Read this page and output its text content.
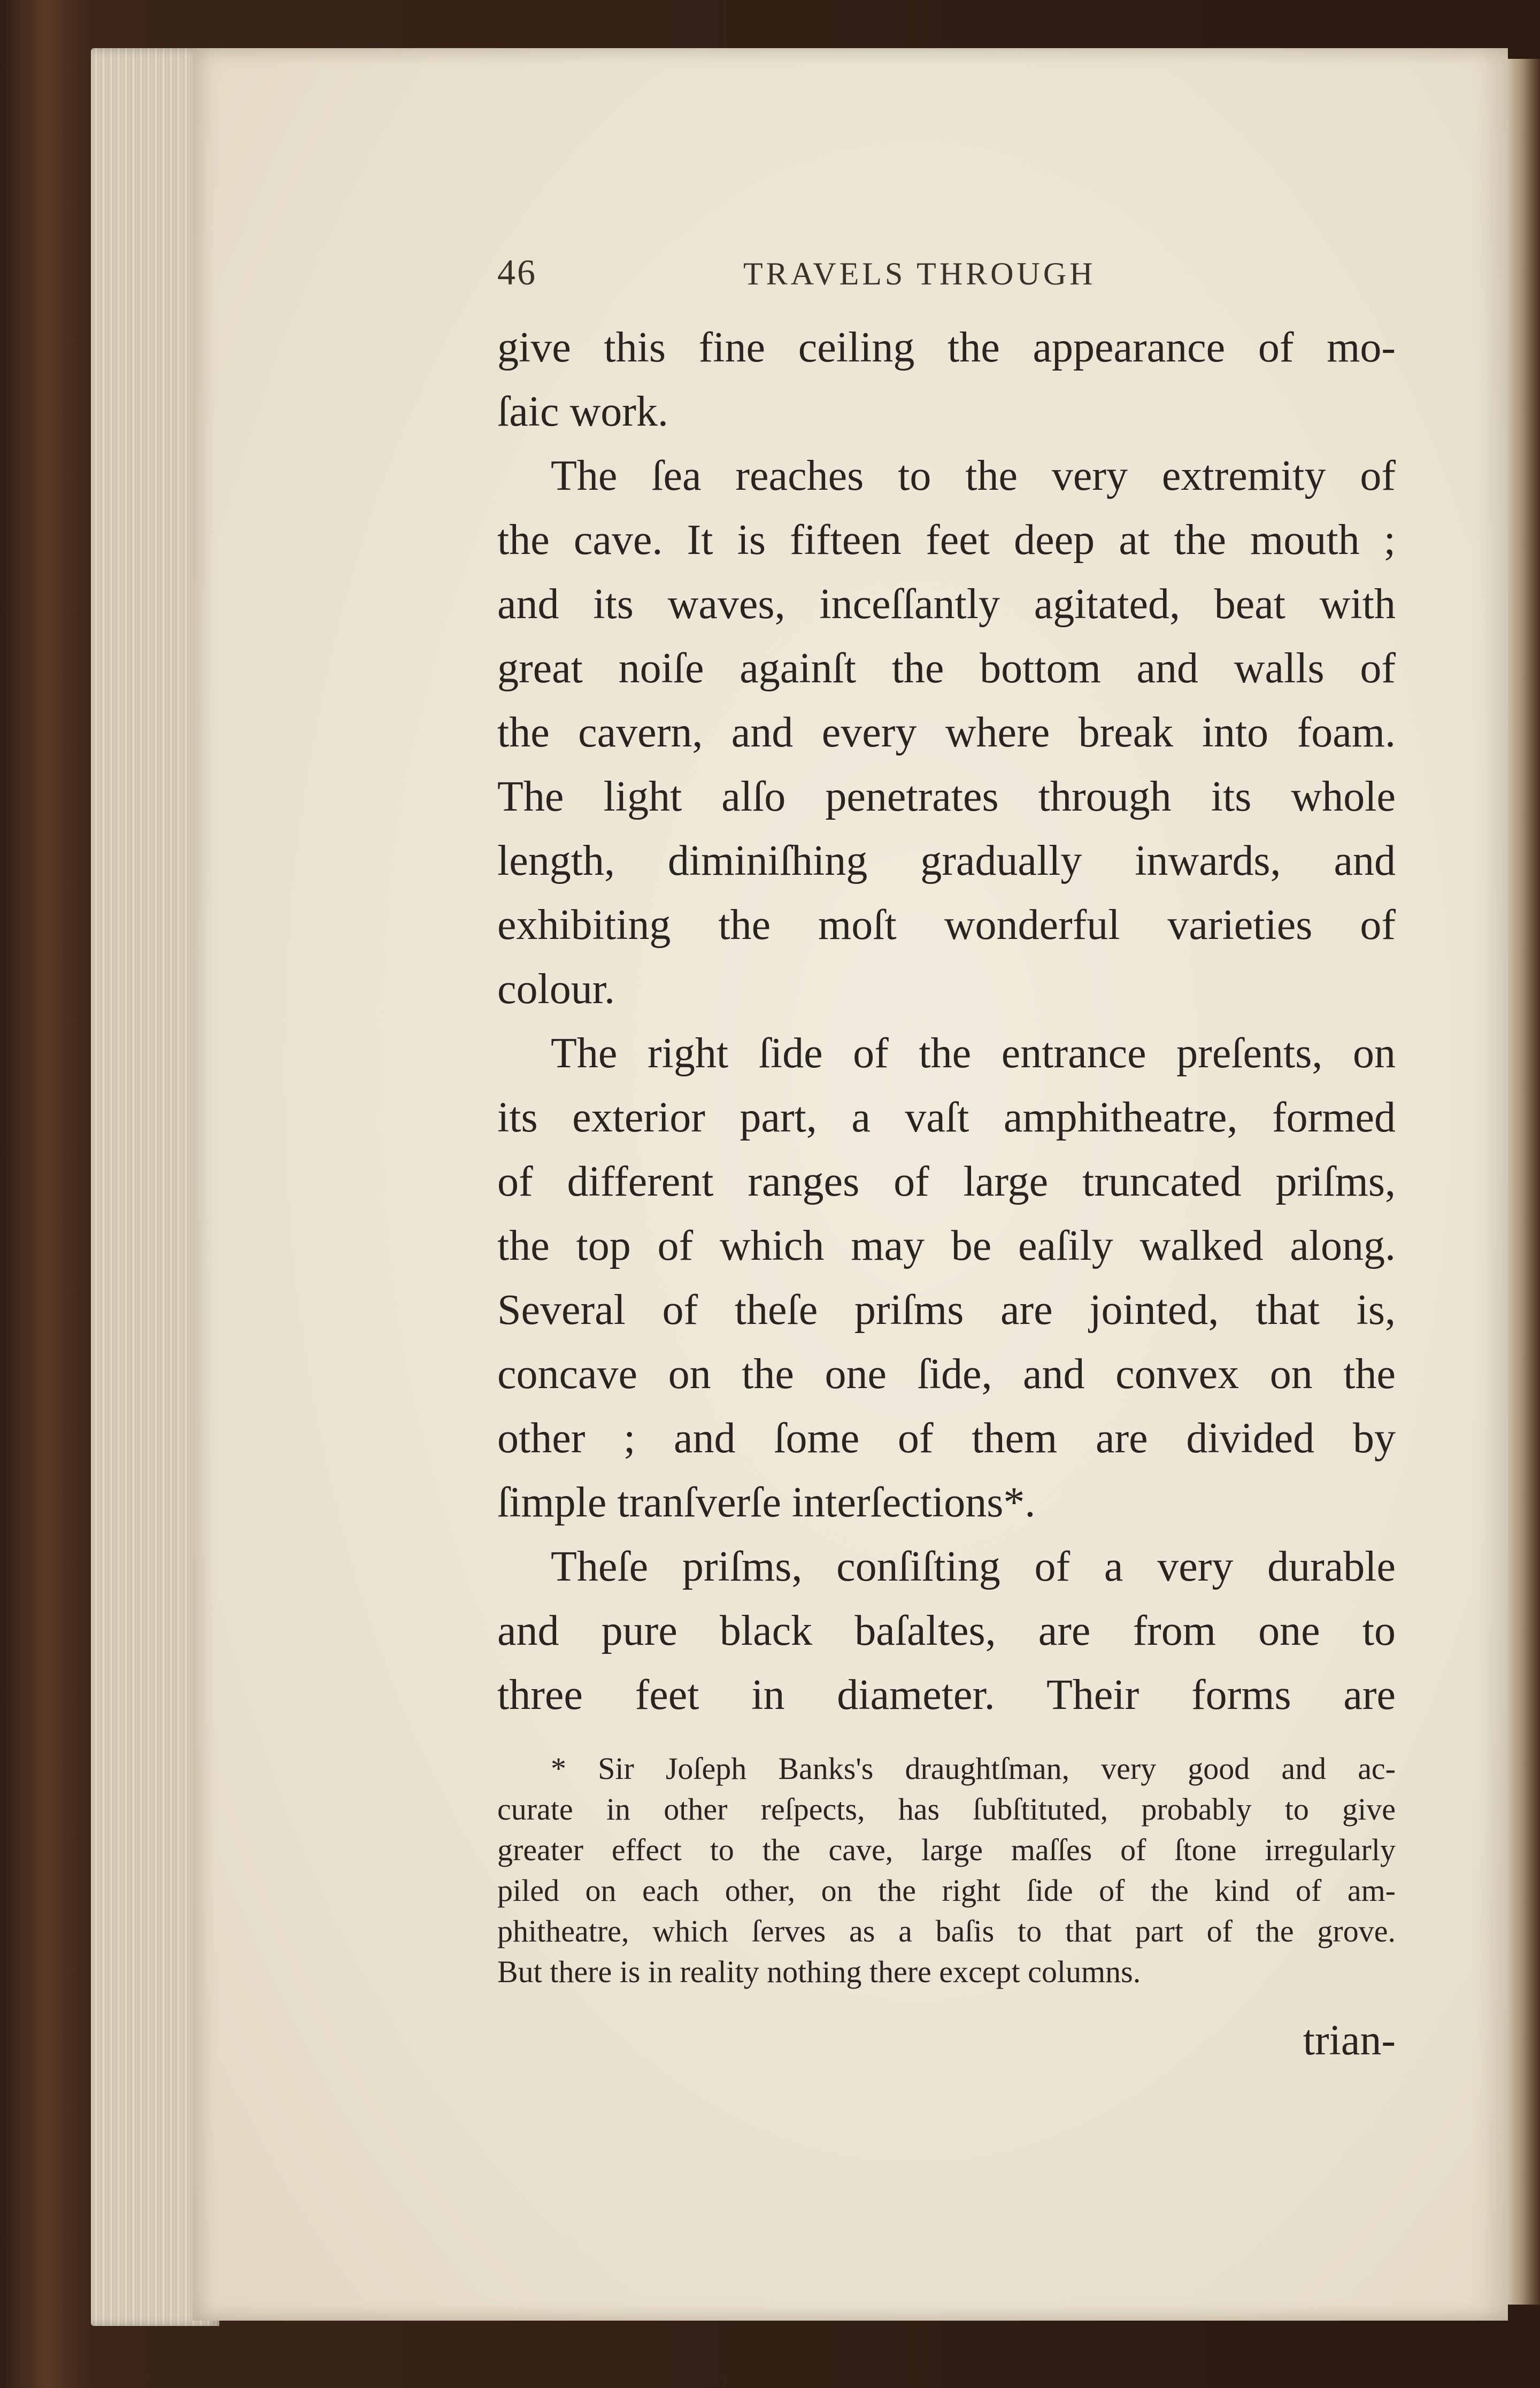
46	TRAVELS THROUGH
give this fine ceiling the appearance of mo-
ſaic work.
The ſea reaches to the very extremity of
the cave. It is fifteen feet deep at the mouth ;
and its waves, inceſſantly agitated, beat with
great noiſe againſt the bottom and walls of
the cavern, and every where break into foam.
The light alſo penetrates through its whole
length, diminiſhing gradually inwards, and
exhibiting the moſt wonderful varieties of
colour.
The right ſide of the entrance preſents, on
its exterior part, a vaſt amphitheatre, formed
of different ranges of large truncated priſms,
the top of which may be eaſily walked along.
Several of theſe priſms are jointed, that is,
concave on the one ſide, and convex on the
other ; and ſome of them are divided by
ſimple tranſverſe interſections*.
Theſe priſms, conſiſting of a very durable
and pure black baſaltes, are from one to
three feet in diameter. Their forms are
* Sir Joſeph Banks's draughtſman, very good and ac-
curate in other reſpects, has ſubſtituted, probably to give
greater effect to the cave, large maſſes of ſtone irregularly
piled on each other, on the right ſide of the kind of am-
phitheatre, which ſerves as a baſis to that part of the grove.
But there is in reality nothing there except columns.
trian-
